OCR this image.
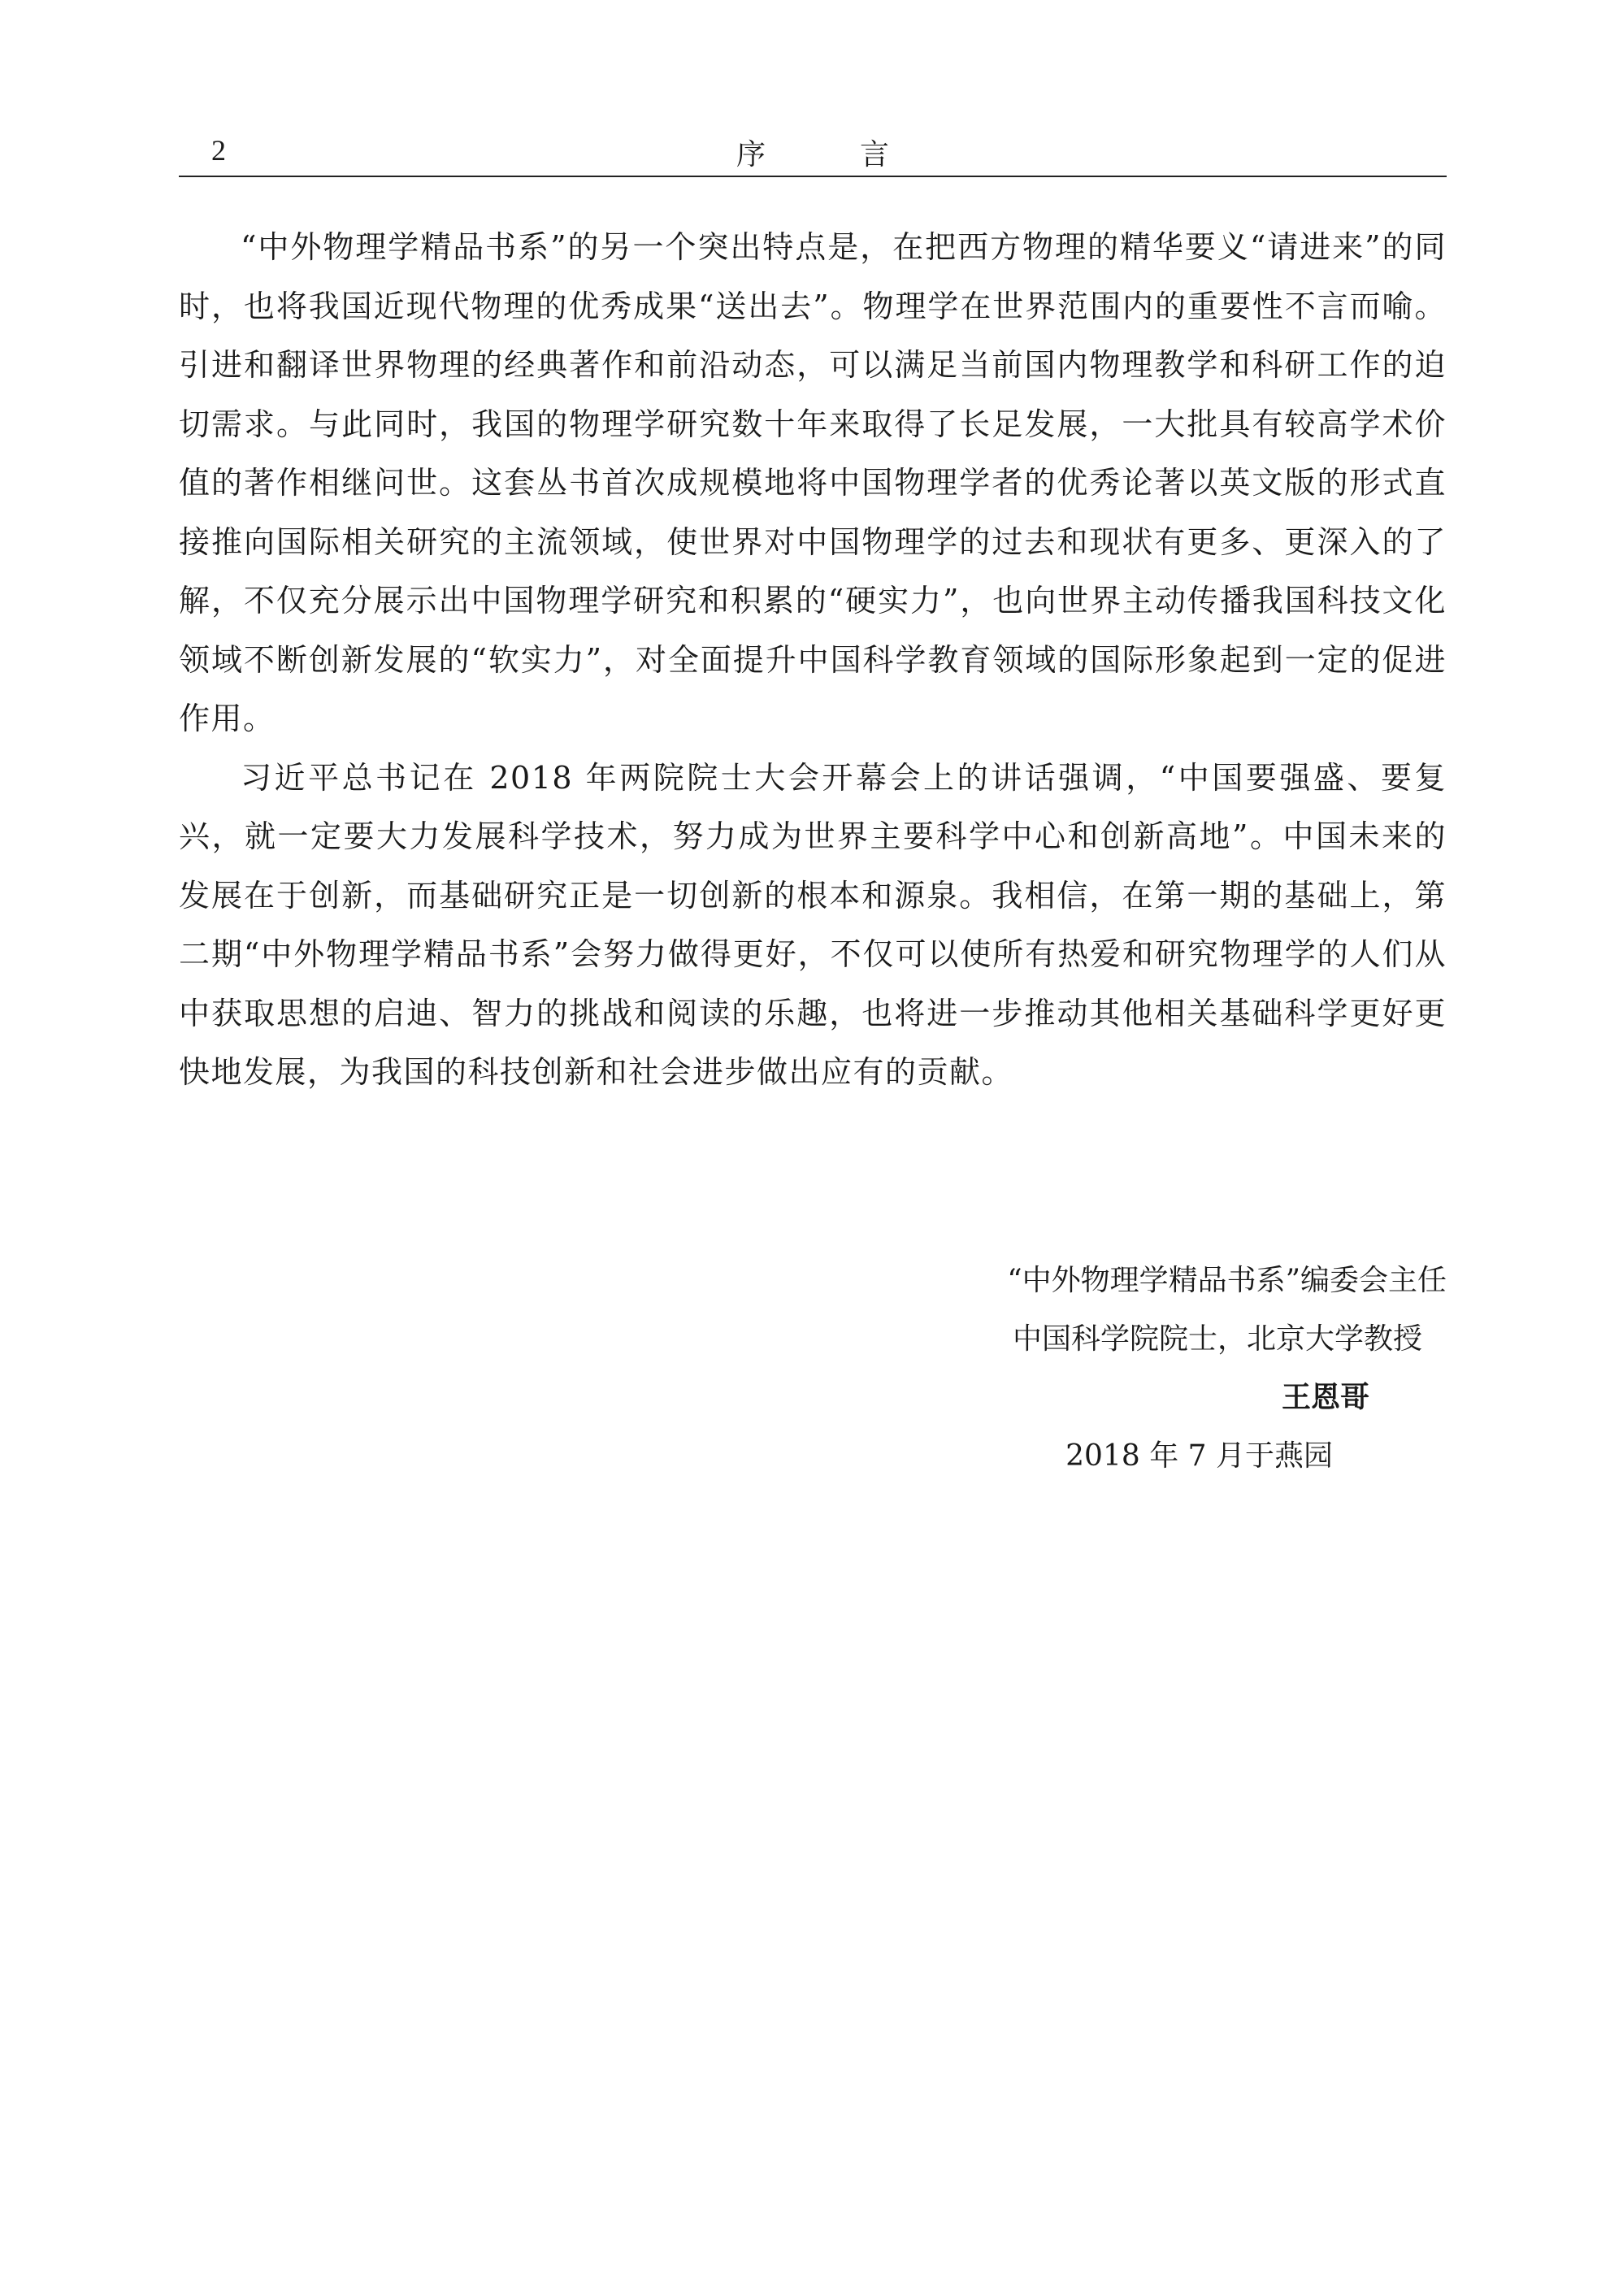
2	序　言

“中外物理学精品书系”的另一个突出特点是，在把西方物理的精华要义“请进来”的同时，也将我国近现代物理的优秀成果“送出去”。物理学在世界范围内的重要性不言而喻。引进和翻译世界物理的经典著作和前沿动态，可以满足当前国内物理教学和科研工作的迫切需求。与此同时，我国的物理学研究数十年来取得了长足发展，一大批具有较高学术价值的著作相继问世。这套丛书首次成规模地将中国物理学者的优秀论著以英文版的形式直接推向国际相关研究的主流领域，使世界对中国物理学的过去和现状有更多、更深入的了解，不仅充分展示出中国物理学研究和积累的“硬实力”，也向世界主动传播我国科技文化领域不断创新发展的“软实力”，对全面提升中国科学教育领域的国际形象起到一定的促进作用。

习近平总书记在 2018 年两院院士大会开幕会上的讲话强调，“中国要强盛、要复兴，就一定要大力发展科学技术，努力成为世界主要科学中心和创新高地”。中国未来的发展在于创新，而基础研究正是一切创新的根本和源泉。我相信，在第一期的基础上，第二期“中外物理学精品书系”会努力做得更好，不仅可以使所有热爱和研究物理学的人们从中获取思想的启迪、智力的挑战和阅读的乐趣，也将进一步推动其他相关基础科学更好更快地发展，为我国的科技创新和社会进步做出应有的贡献。

“中外物理学精品书系”编委会主任
中国科学院院士，北京大学教授
王恩哥
2018 年 7 月于燕园
